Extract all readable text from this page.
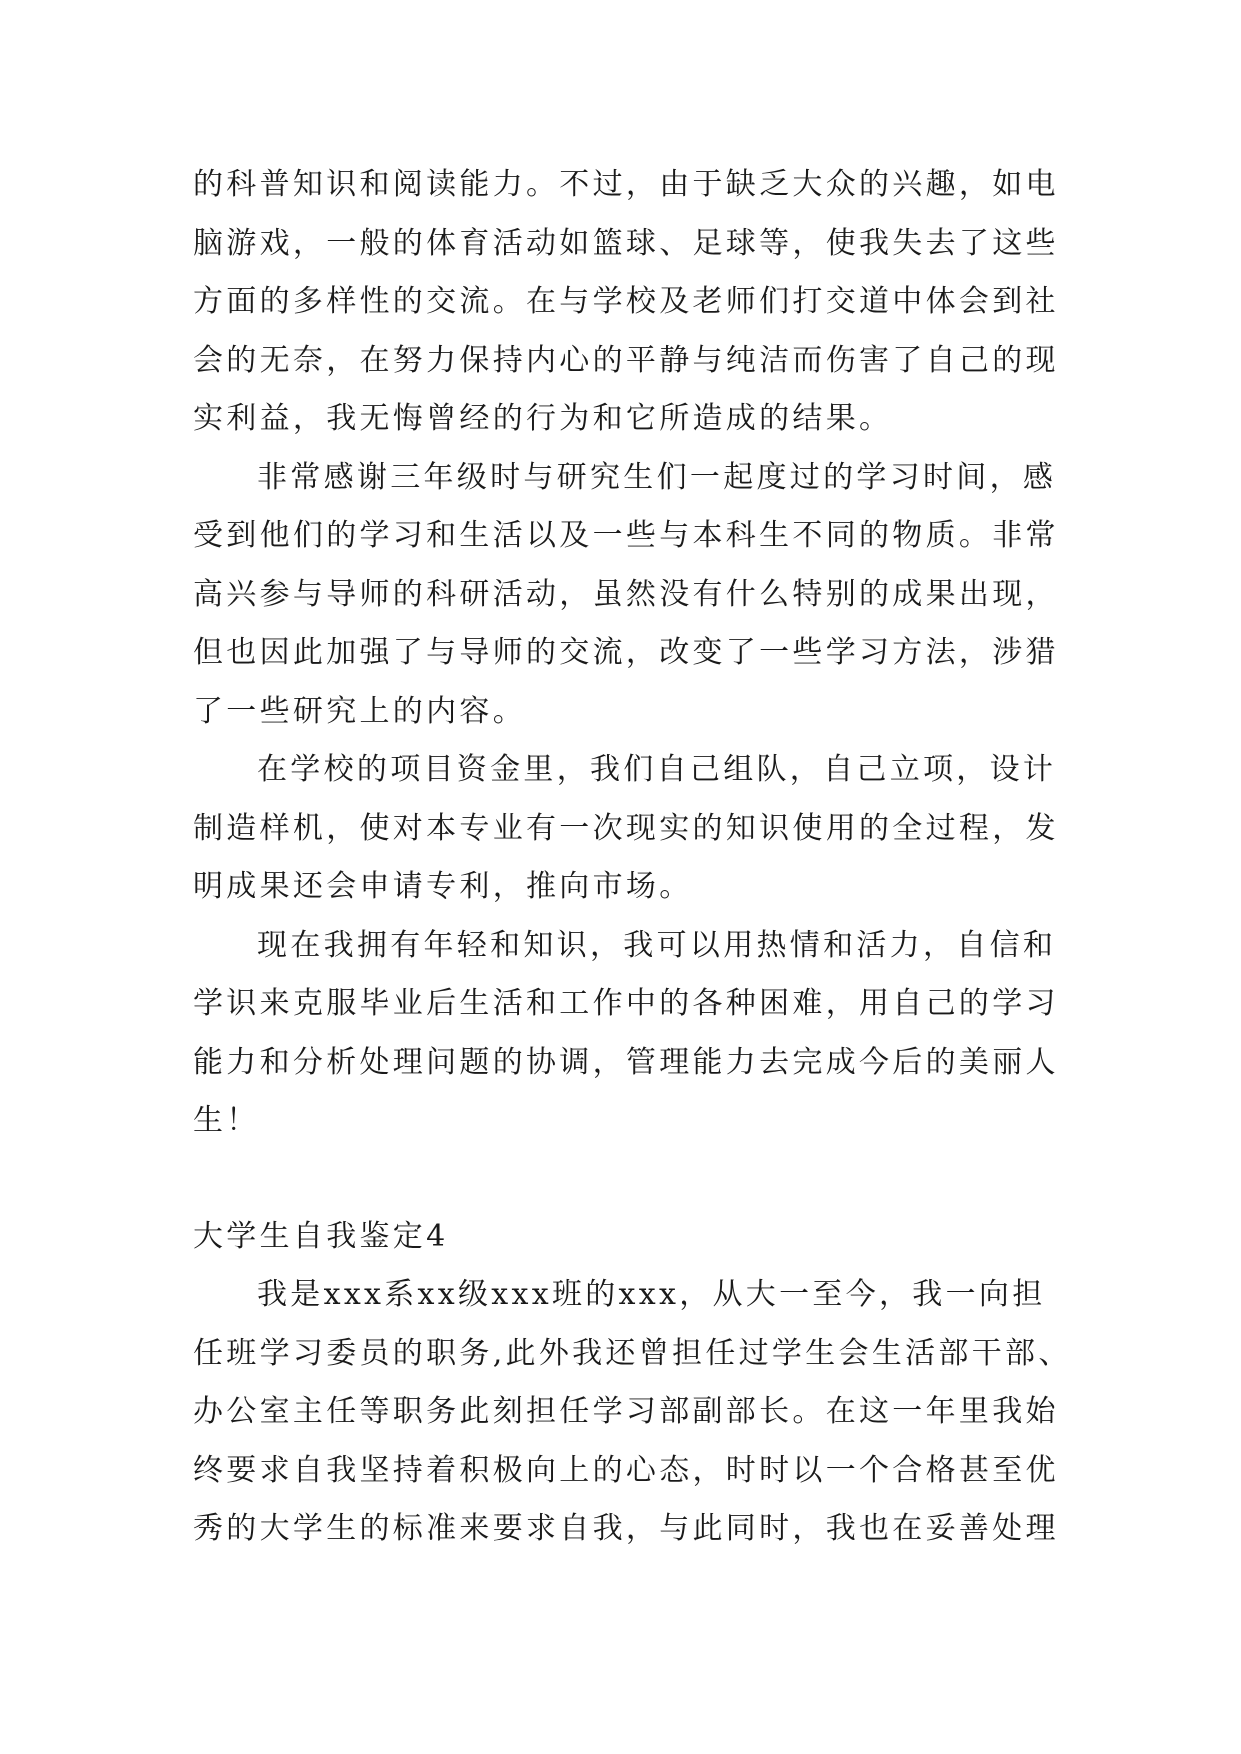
的科普知识和阅读能力。不过，由于缺乏大众的兴趣，如电
脑游戏，一般的体育活动如篮球、足球等，使我失去了这些
方面的多样性的交流。在与学校及老师们打交道中体会到社
会的无奈，在努力保持内心的平静与纯洁而伤害了自己的现
实利益，我无悔曾经的行为和它所造成的结果。
非常感谢三年级时与研究生们一起度过的学习时间，感
受到他们的学习和生活以及一些与本科生不同的物质。非常
高兴参与导师的科研活动，虽然没有什么特别的成果出现，
但也因此加强了与导师的交流，改变了一些学习方法，涉猎
了一些研究上的内容。
在学校的项目资金里，我们自己组队，自己立项，设计
制造样机，使对本专业有一次现实的知识使用的全过程，发
明成果还会申请专利，推向市场。
现在我拥有年轻和知识，我可以用热情和活力，自信和
学识来克服毕业后生活和工作中的各种困难，用自己的学习
能力和分析处理问题的协调，管理能力去完成今后的美丽人
生！
大学生自我鉴定4
我是xxx系xx级xxx班的xxx，从大一至今，我一向担
任班学习委员的职务,此外我还曾担任过学生会生活部干部、
办公室主任等职务此刻担任学习部副部长。在这一年里我始
终要求自我坚持着积极向上的心态，时时以一个合格甚至优
秀的大学生的标准来要求自我，与此同时，我也在妥善处理
